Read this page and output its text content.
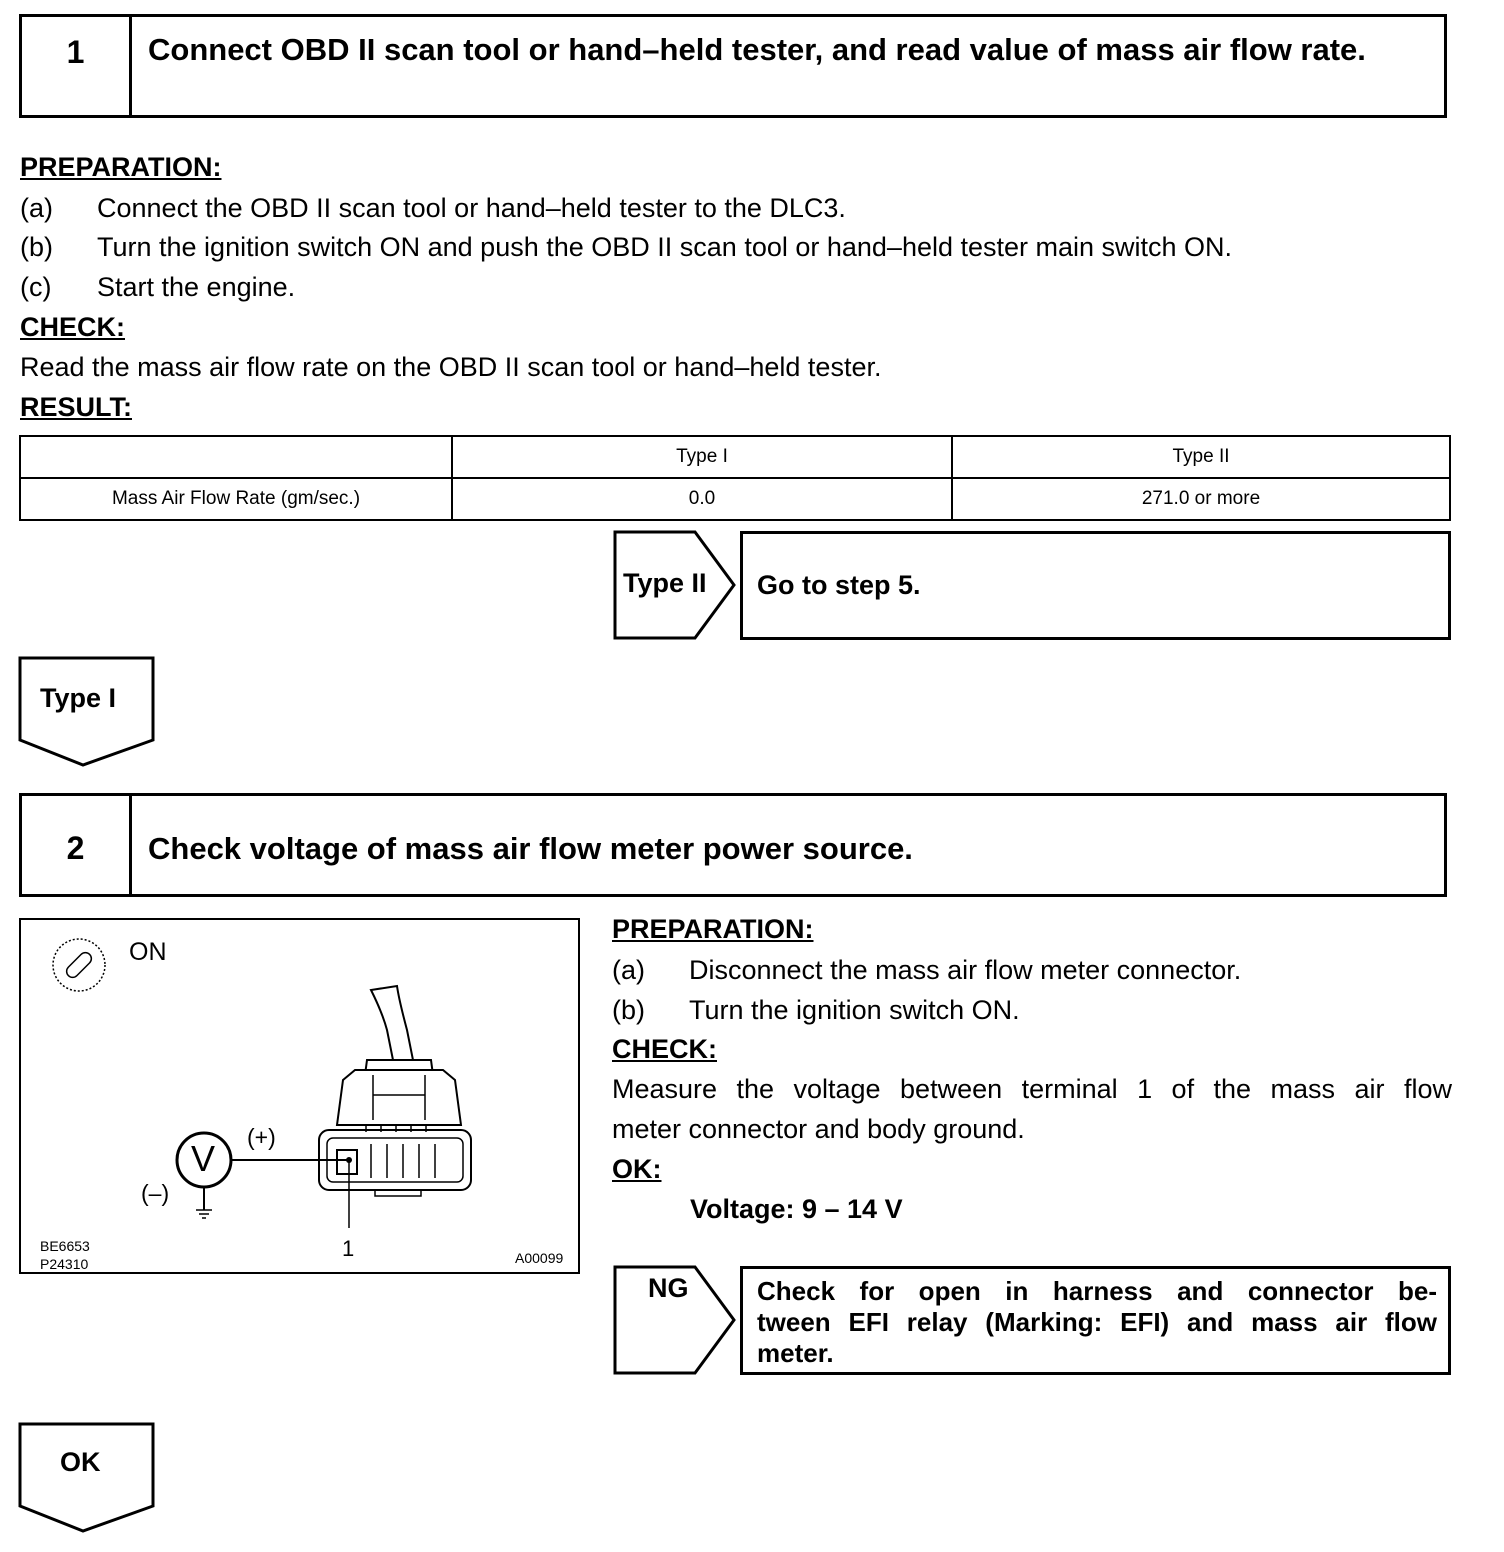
1	Connect OBD II scan tool or hand–held tester, and read value of mass air flow rate.
PREPARATION:
(a) Connect the OBD II scan tool or hand–held tester to the DLC3.
(b) Turn the ignition switch ON and push the OBD II scan tool or hand–held tester main switch ON.
(c) Start the engine.
CHECK:
Read the mass air flow rate on the OBD II scan tool or hand–held tester.
RESULT:
	Type I	Type II
Mass Air Flow Rate (gm/sec.)	0.0	271.0 or more
Type II Go to step 5.
Type I
2	Check voltage of mass air flow meter power source.
ON
V
(+)
(–)
1
BE6653
P24310	A00099
PREPARATION:
(a) Disconnect the mass air flow meter connector.
(b) Turn the ignition switch ON.
CHECK:
Measure the voltage between terminal 1 of the mass air flow
meter connector and body ground.
OK:
Voltage: 9 – 14 V
NG	Check for open in harness and connector be-
tween EFI relay (Marking: EFI) and mass air flow
meter.
OK
